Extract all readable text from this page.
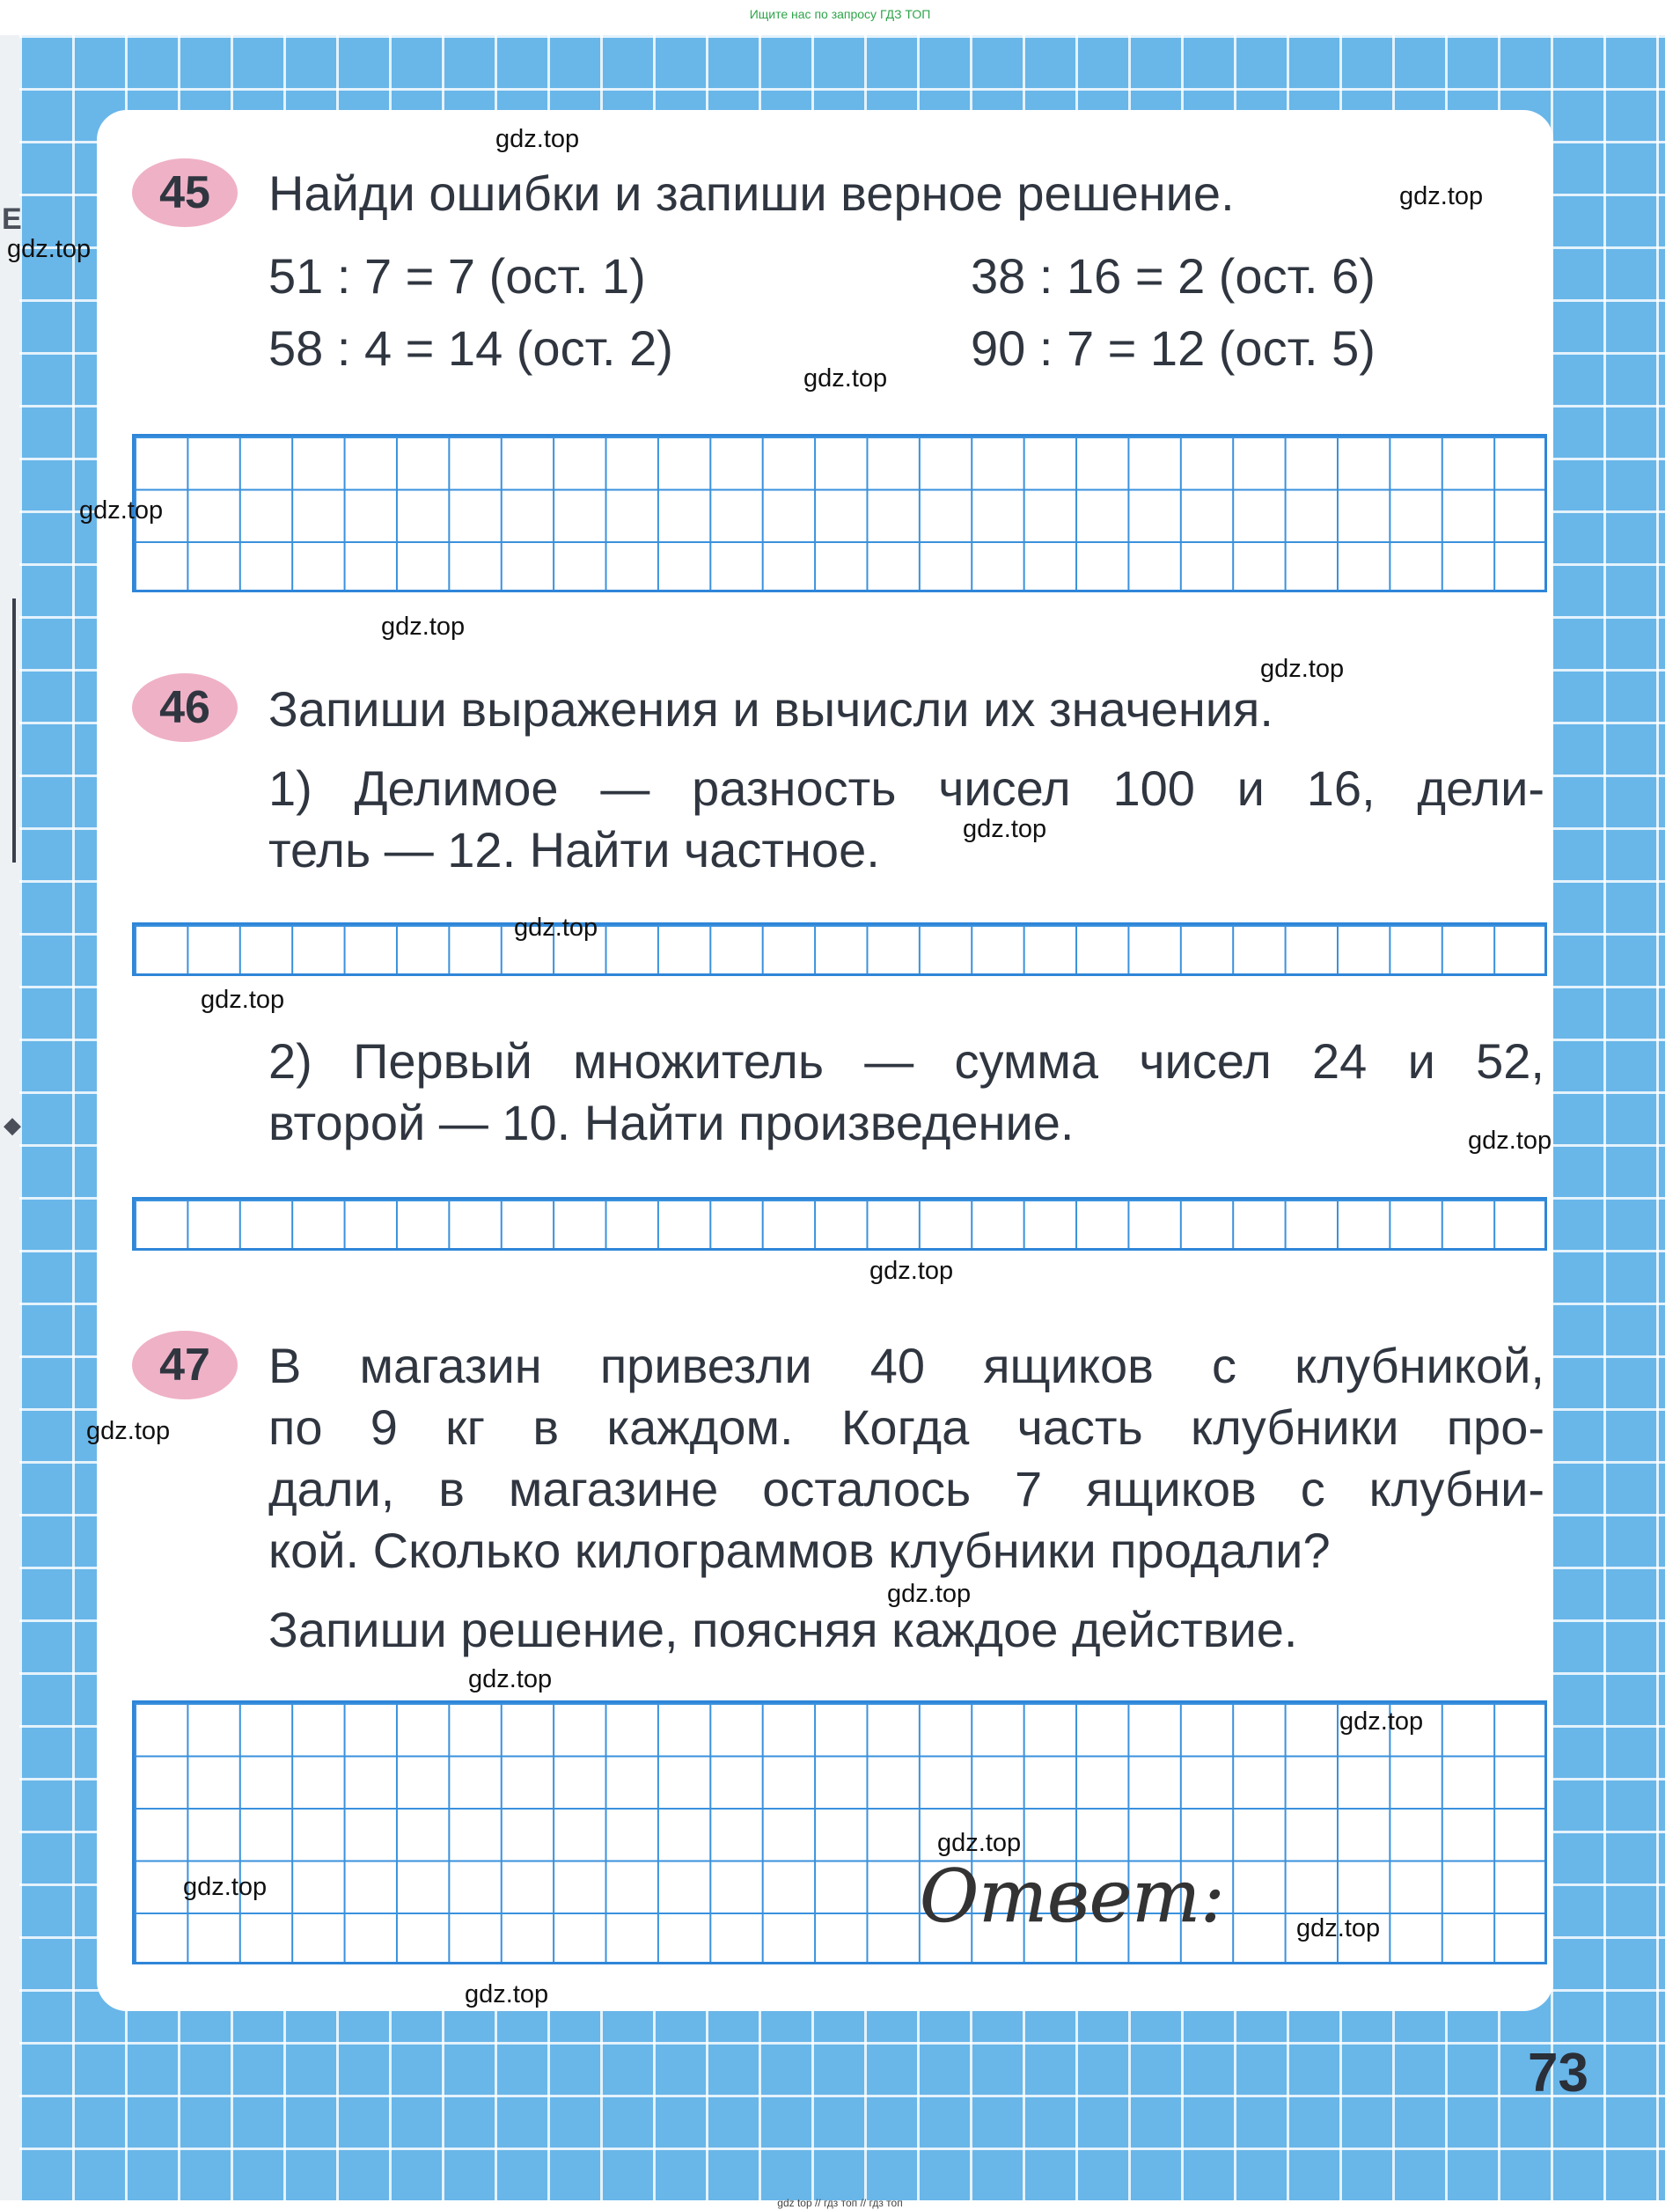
Ищите нас по запросу ГДЗ ТОП
Е
◆
45	Найди ошибки и запиши верное решение.
51 : 7 = 7 (ост. 1)	38 : 16 = 2 (ост. 6)
58 : 4 = 14 (ост. 2)	90 : 7 = 12 (ост. 5)
46	Запиши выражения и вычисли их значения.
1) Делимое — разность чисел 100 и 16, дели-
тель — 12. Найти частное.
2) Первый множитель — сумма чисел 24 и 52,
второй — 10. Найти произведение.
47	В магазин привезли 40 ящиков с клубникой,
по 9 кг в каждом. Когда часть клубники про-
дали, в магазине осталось 7 ящиков с клубни-
кой. Сколько килограммов клубники продали?
Запиши решение, поясняя каждое действие.
Ответ:
73
gdz.top
gdz.top
gdz.top
gdz.top
gdz.top
gdz.top
gdz.top
gdz.top
gdz.top
gdz.top
gdz.top
gdz.top
gdz.top
gdz.top
gdz.top
gdz.top
gdz.top
gdz.top
gdz.top
gdz.top
gdz top // гдз топ // гдз топ
